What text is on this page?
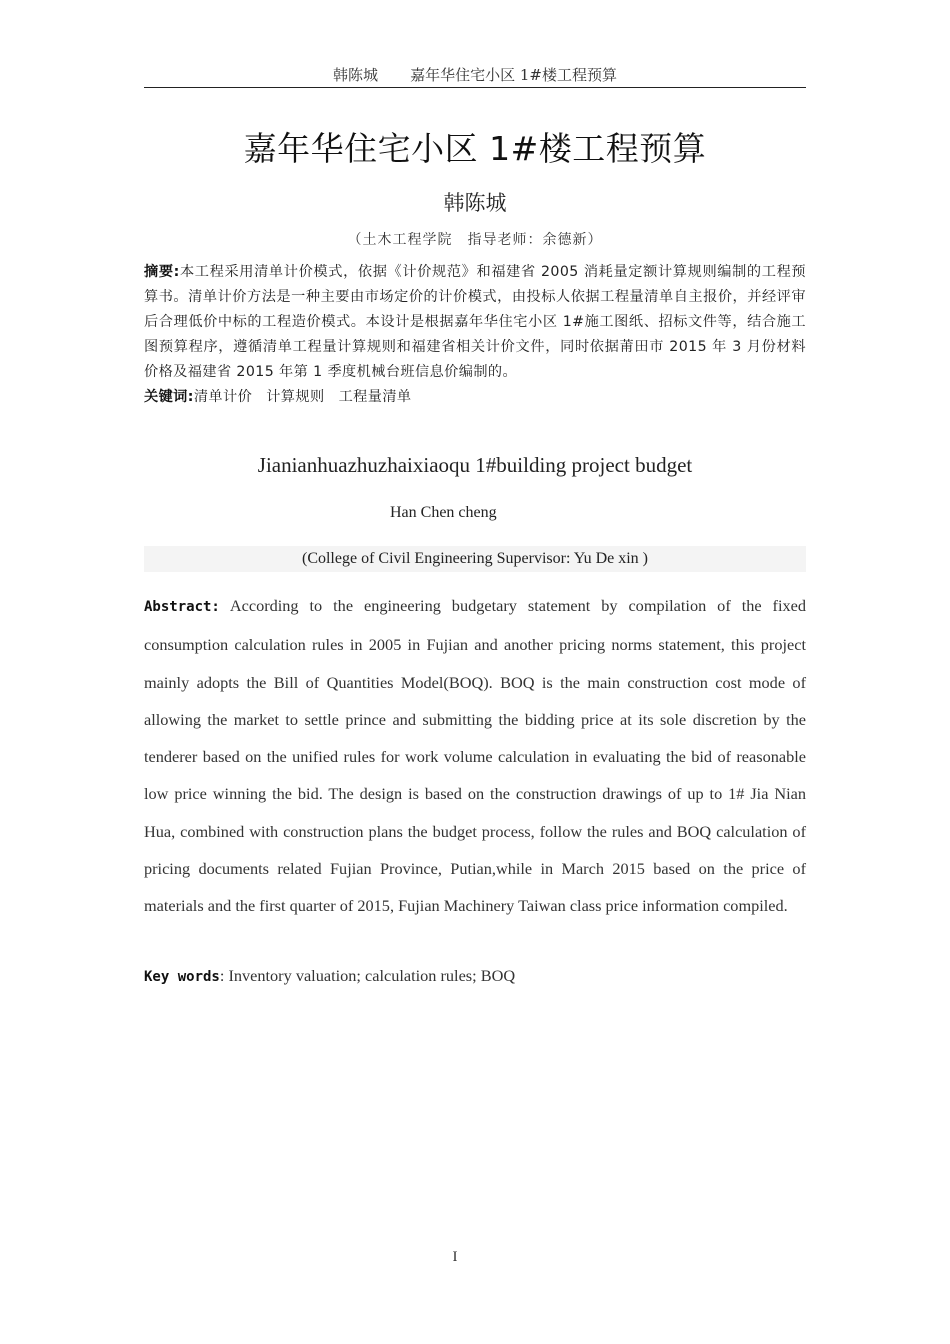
韩陈城 嘉年华住宅小区 1#楼工程预算
嘉年华住宅小区 1#楼工程预算
韩陈城
（土木工程学院　指导老师：余德新）
摘要:本工程采用清单计价模式，依据《计价规范》和福建省 2005 消耗量定额计算规则编制的工程预算书。清单计价方法是一种主要由市场定价的计价模式，由投标人依据工程量清单自主报价，并经评审后合理低价中标的工程造价模式。本设计是根据嘉年华住宅小区 1#施工图纸、招标文件等，结合施工图预算程序，遵循清单工程量计算规则和福建省相关计价文件，同时依据莆田市 2015 年 3 月份材料价格及福建省 2015 年第 1 季度机械台班信息价编制的。
关键词:清单计价 计算规则 工程量清单
Jianianhuazhuzhaixiaoqu 1#building project budget
Han Chen cheng
(College of Civil Engineering Supervisor: Yu De xin )
Abstract: According to the engineering budgetary statement by compilation of the fixed consumption calculation rules in 2005 in Fujian and another pricing norms statement, this project mainly adopts the Bill of Quantities Model(BOQ). BOQ is the main construction cost mode of allowing the market to settle prince and submitting the bidding price at its sole discretion by the tenderer based on the unified rules for work volume calculation in evaluating the bid of reasonable low price winning the bid. The design is based on the construction drawings of up to 1# Jia Nian Hua, combined with construction plans the budget process, follow the rules and BOQ calculation of pricing documents related Fujian Province, Putian,while in March 2015 based on the price of materials and the first quarter of 2015, Fujian Machinery Taiwan class price information compiled.
Key words: Inventory valuation; calculation rules; BOQ
I
